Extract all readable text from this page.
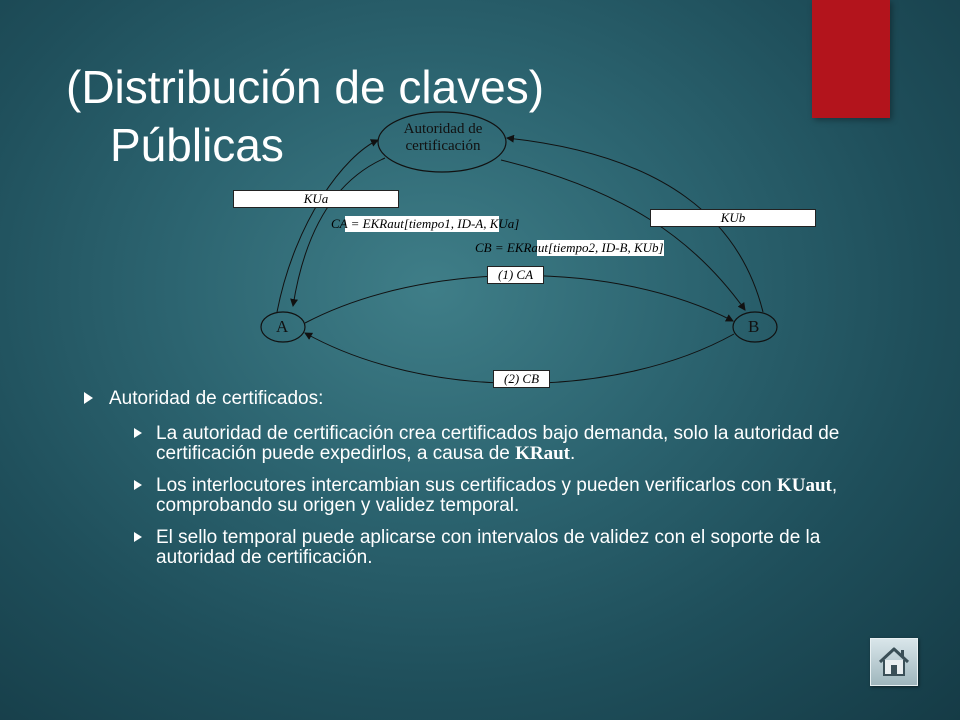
(Distribución de claves)
Públicas	Autoridad de
certificación
A	B
KUa
KUb
CA = EKRaut[tiempo1, ID-A, KUa]
CB = EKRaut[tiempo2, ID-B, KUb]
(1) CA
(2) CB
Autoridad de certificados:
La autoridad de certificación crea certificados bajo demanda, solo la autoridad de certificación puede expedirlos, a causa de KRaut.
Los interlocutores intercambian sus certificados y pueden verificarlos con KUaut, comprobando su origen y validez temporal.
El sello temporal puede aplicarse con intervalos de validez con el soporte de la autoridad de certificación.
